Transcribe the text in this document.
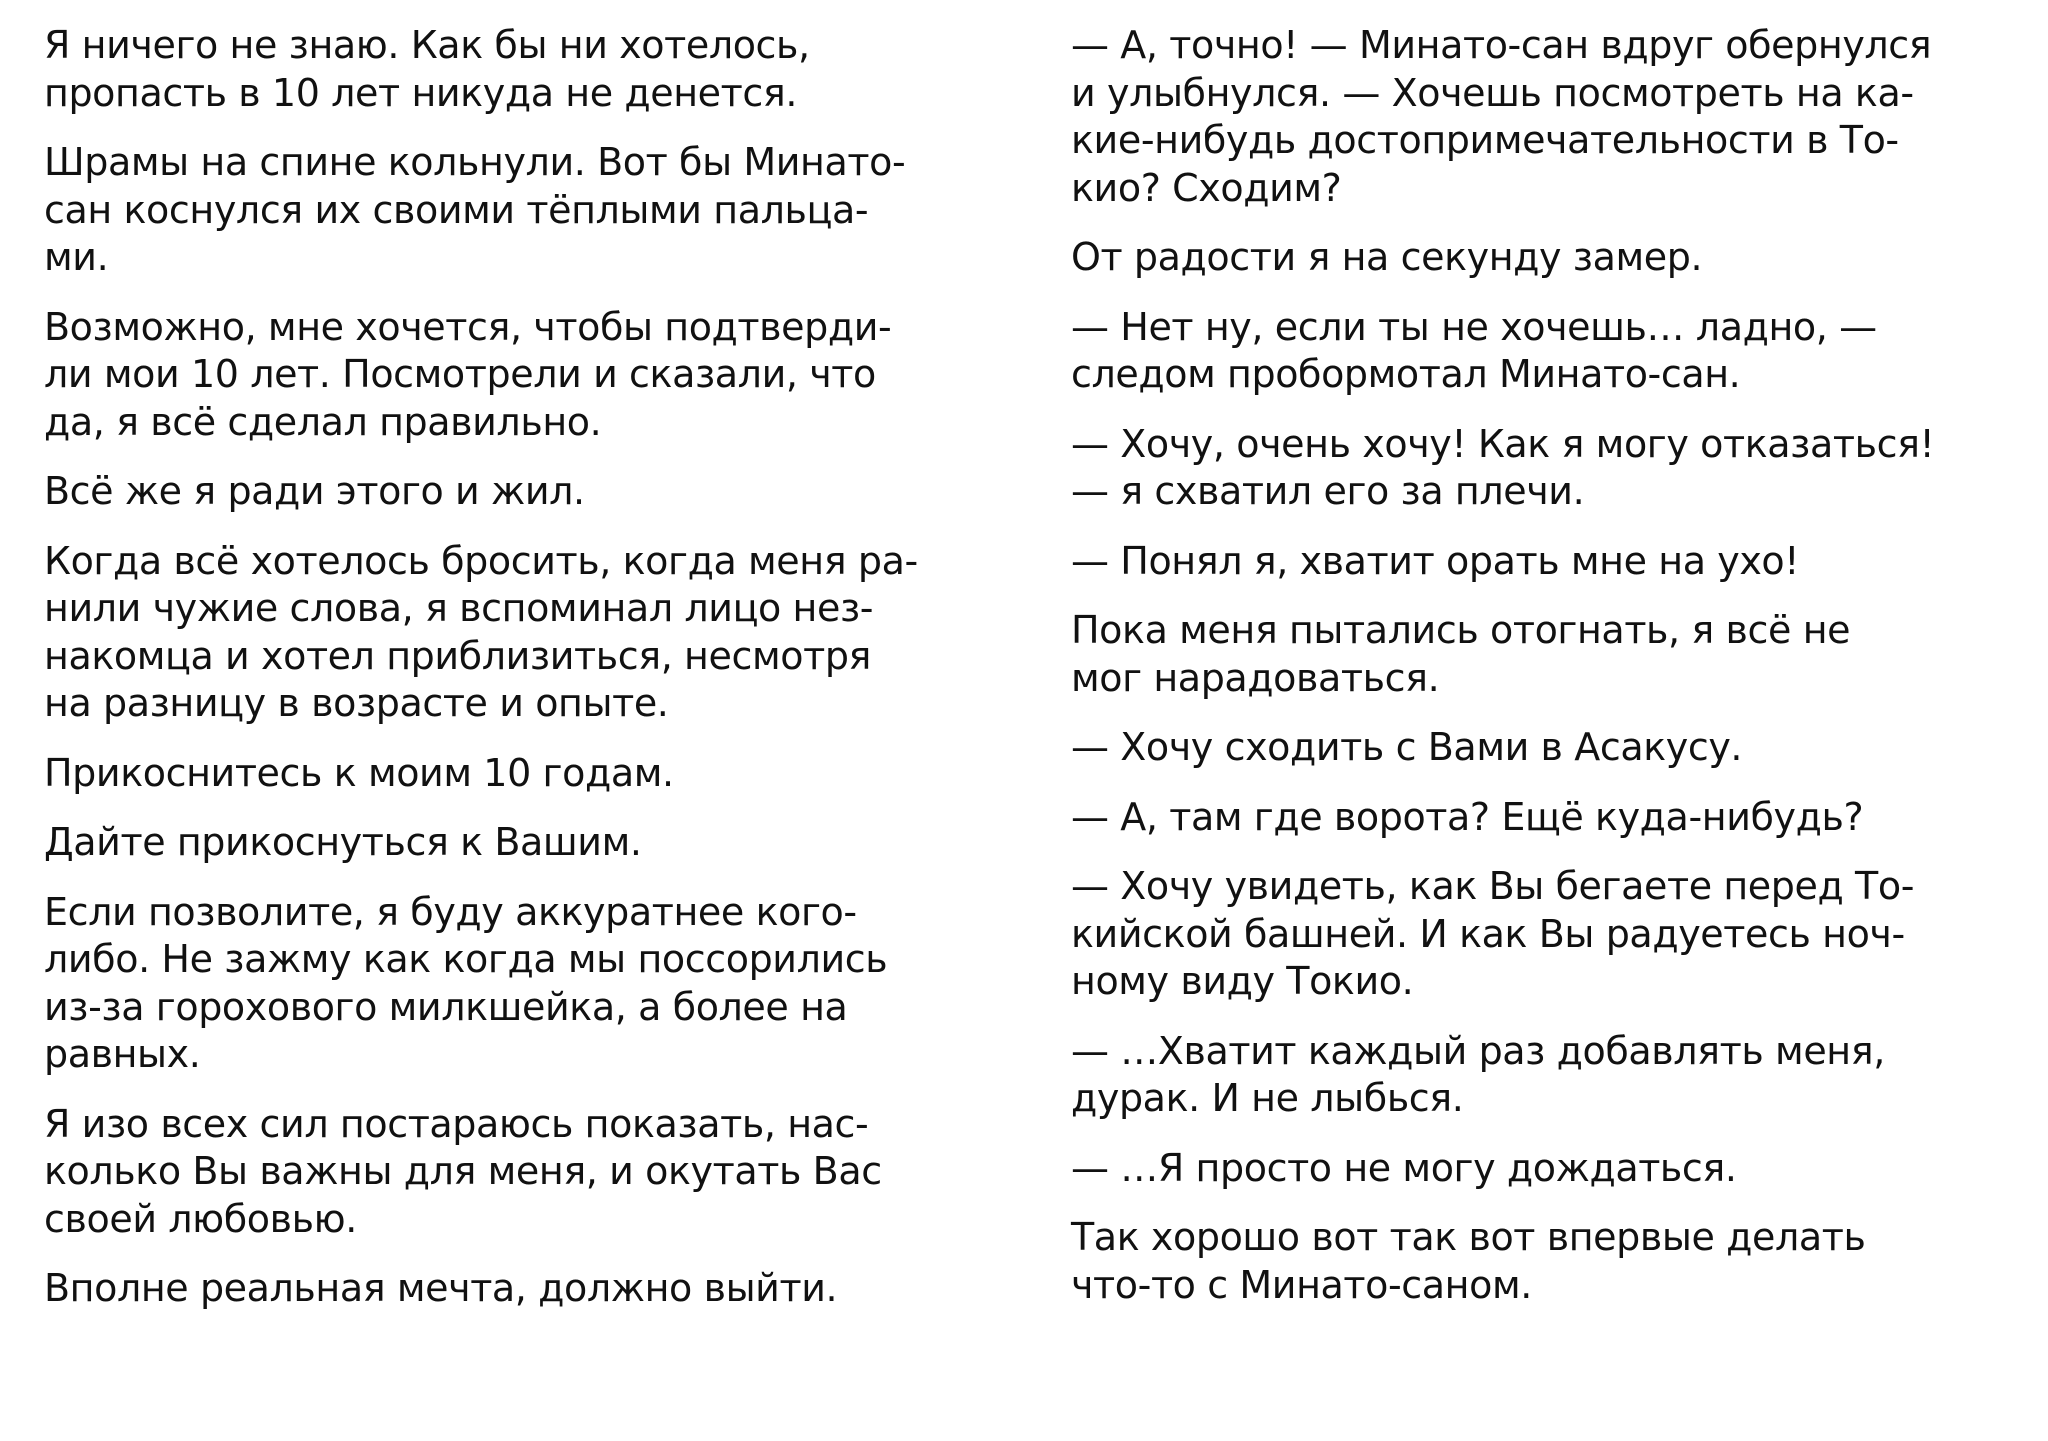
Я ничего не знаю. Как бы ни хотелось,
пропасть в 10 лет никуда не денется.

Шрамы на спине кольнули. Вот бы Минато-
сан коснулся их своими тёплыми пальца-
ми.

Возможно, мне хочется, чтобы подтверди-
ли мои 10 лет. Посмотрели и сказали, что
да, я всё сделал правильно.

Всё же я ради этого и жил.

Когда всё хотелось бросить, когда меня ра-
нили чужие слова, я вспоминал лицо нез-
накомца и хотел приблизиться, несмотря
на разницу в возрасте и опыте.

Прикоснитесь к моим 10 годам.

Дайте прикоснуться к Вашим.

Если позволите, я буду аккуратнее кого-
либо. Не зажму как когда мы поссорились
из-за горохового милкшейка, а более на
равных.

Я изо всех сил постараюсь показать, нас-
колько Вы важны для меня, и окутать Вас
своей любовью.

Вполне реальная мечта, должно выйти.

— А, точно! — Минато-сан вдруг обернулся
и улыбнулся. — Хочешь посмотреть на ка-
кие-нибудь достопримечательности в То-
кио? Сходим?

От радости я на секунду замер.

— Нет ну, если ты не хочешь… ладно, —
следом пробормотал Минато-сан.

— Хочу, очень хочу! Как я могу отказаться!
— я схватил его за плечи.

— Понял я, хватит орать мне на ухо!

Пока меня пытались отогнать, я всё не
мог нарадоваться.

— Хочу сходить с Вами в Асакусу.

— А, там где ворота? Ещё куда-нибудь?

— Хочу увидеть, как Вы бегаете перед То-
кийской башней. И как Вы радуетесь ноч-
ному виду Токио.

— …Хватит каждый раз добавлять меня,
дурак. И не лыбься.

— …Я просто не могу дождаться.

Так хорошо вот так вот впервые делать
что-то с Минато-саном.
